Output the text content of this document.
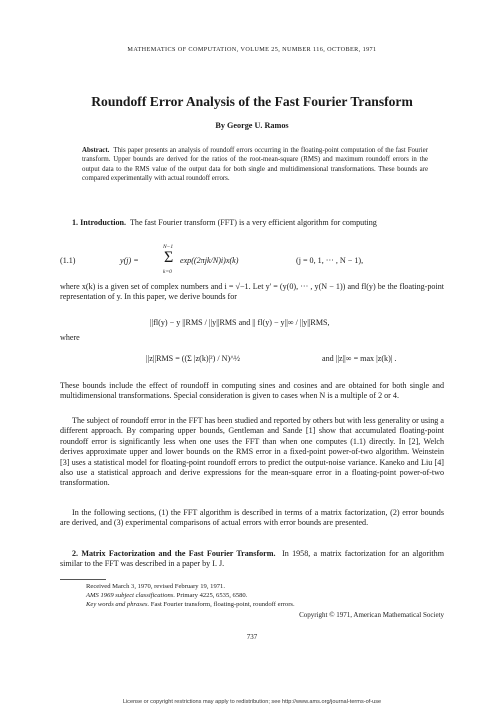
MATHEMATICS OF COMPUTATION, VOLUME 25, NUMBER 116, OCTOBER, 1971
Roundoff Error Analysis of the Fast Fourier Transform
By George U. Ramos
Abstract. This paper presents an analysis of roundoff errors occurring in the floating-point computation of the fast Fourier transform. Upper bounds are derived for the ratios of the root-mean-square (RMS) and maximum roundoff errors in the output data to the RMS value of the output data for both single and multidimensional transformations. These bounds are compared experimentally with actual roundoff errors.

1. Introduction. The fast Fourier transform (FFT) is a very efficient algorithm for computing

(1.1)	y(j) =
N−1
Σ
k=0
exp((2πjk/N)i)x(k)	(j = 0, 1, ··· , N − 1),

where x(k) is a given set of complex numbers and i = √−1. Let y' = (y(0), ··· , y(N − 1)) and fl(y) be the floating-point representation of y. In this paper, we derive bounds for

||fl(y) − y ||RMS / ||y||RMS and || fl(y) − y||∞ / ||y||RMS,

where

||z||RMS = ((Σ |z(k)|²) / N)^½	and ||z||∞ = max |z(k)| .

These bounds include the effect of roundoff in computing sines and cosines and are obtained for both single and multidimensional transformations. Special consideration is given to cases when N is a multiple of 2 or 4.

The subject of roundoff error in the FFT has been studied and reported by others but with less generality or using a different approach. By comparing upper bounds, Gentleman and Sande [1] show that accumulated floating-point roundoff error is significantly less when one uses the FFT than when one computes (1.1) directly. In [2], Welch derives approximate upper and lower bounds on the RMS error in a fixed-point power-of-two algorithm. Weinstein [3] uses a statistical model for floating-point roundoff errors to predict the output-noise variance. Kaneko and Liu [4] also use a statistical approach and derive expressions for the mean-square error in a floating-point power-of-two transformation.

In the following sections, (1) the FFT algorithm is described in terms of a matrix factorization, (2) error bounds are derived, and (3) experimental comparisons of actual errors with error bounds are presented.

2. Matrix Factorization and the Fast Fourier Transform. In 1958, a matrix factorization for an algorithm similar to the FFT was described in a paper by I. J.

Received March 3, 1970, revised February 19, 1971.
AMS 1969 subject classifications. Primary 4225, 6535, 6580.
Key words and phrases. Fast Fourier transform, floating-point, roundoff errors.
Copyright © 1971, American Mathematical Society
737
License or copyright restrictions may apply to redistribution; see http://www.ams.org/journal-terms-of-use
